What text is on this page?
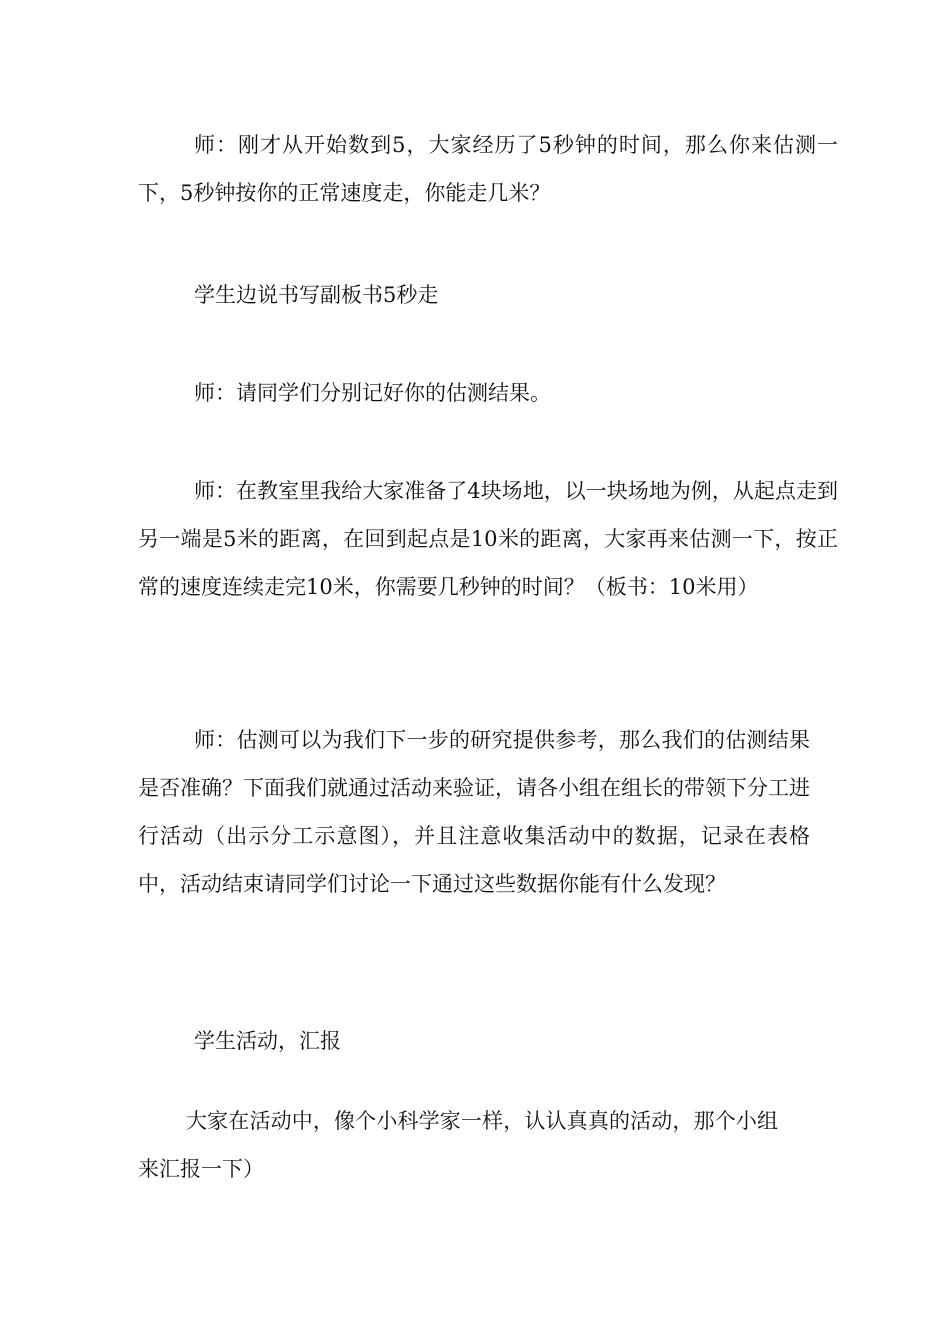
师：刚才从开始数到5，大家经历了5秒钟的时间，那么你来估测一下，5秒钟按你的正常速度走，你能走几米？

学生边说书写副板书5秒走

师：请同学们分别记好你的估测结果。

师：在教室里我给大家准备了4块场地，以一块场地为例，从起点走到另一端是5米的距离，在回到起点是10米的距离，大家再来估测一下，按正常的速度连续走完10米，你需要几秒钟的时间？（板书：10米用）

师：估测可以为我们下一步的研究提供参考，那么我们的估测结果是否准确？下面我们就通过活动来验证，请各小组在组长的带领下分工进行活动（出示分工示意图），并且注意收集活动中的数据，记录在表格中，活动结束请同学们讨论一下通过这些数据你能有什么发现？

学生活动，汇报

大家在活动中，像个小科学家一样，认认真真的活动，那个小组来汇报一下）
